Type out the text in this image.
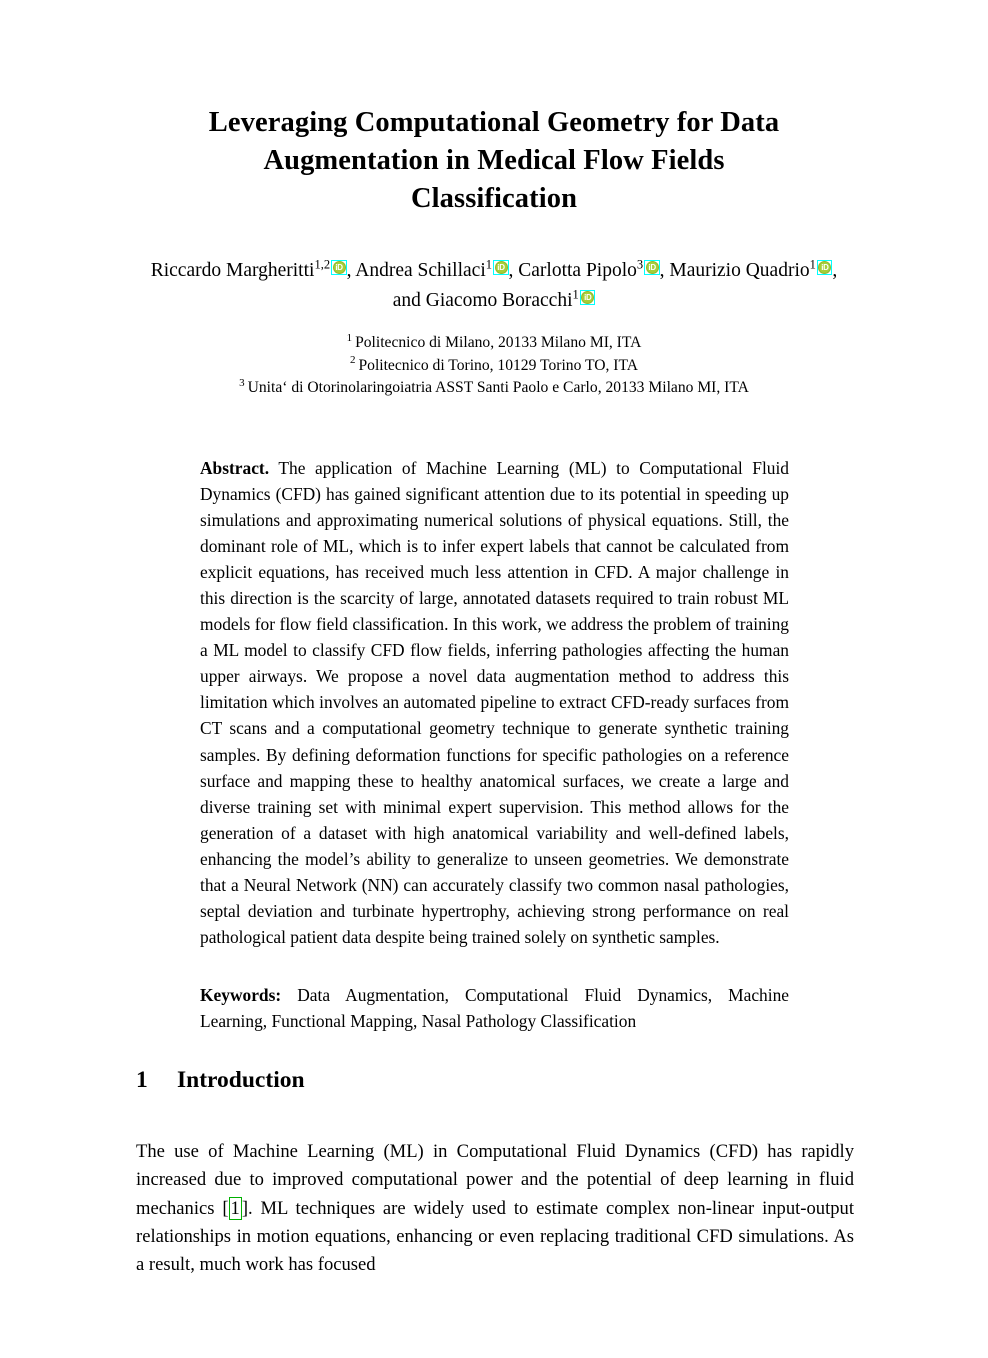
Leveraging Computational Geometry for Data
Augmentation in Medical Flow Fields
Classification
Riccardo Margheritti$^{1,2}$ iD , Andrea Schillaci$^1$ iD , Carlotta Pipolo$^3$ iD , Maurizio Quadrio$^1$ iD , and Giacomo Boracchi$^1$ iD
$^1$ Politecnico di Milano, 20133 Milano MI, ITA
$^2$ Politecnico di Torino, 10129 Torino TO, ITA
$^3$ Unita‘ di Otorinolaringoiatria ASST Santi Paolo e Carlo, 20133 Milano MI, ITA
Abstract. The application of Machine Learning (ML) to Computational Fluid Dynamics (CFD) has gained significant attention due to its potential in speeding up simulations and approximating numerical solutions of physical equations. Still, the dominant role of ML, which is to infer expert labels that cannot be calculated from explicit equations, has received much less attention in CFD. A major challenge in this direction is the scarcity of large, annotated datasets required to train robust ML models for flow field classification. In this work, we address the problem of training a ML model to classify CFD flow fields, inferring pathologies affecting the human upper airways. We propose a novel data augmentation method to address this limitation which involves an automated pipeline to extract CFD-ready surfaces from CT scans and a computational geometry technique to generate synthetic training samples. By defining deformation functions for specific pathologies on a reference surface and mapping these to healthy anatomical surfaces, we create a large and diverse training set with minimal expert supervision. This method allows for the generation of a dataset with high anatomical variability and well-defined labels, enhancing the model’s ability to generalize to unseen geometries. We demonstrate that a Neural Network (NN) can accurately classify two common nasal pathologies, septal deviation and turbinate hypertrophy, achieving strong performance on real pathological patient data despite being trained solely on synthetic samples.
Keywords: Data Augmentation, Computational Fluid Dynamics, Machine Learning, Functional Mapping, Nasal Pathology Classification
1 Introduction
The use of Machine Learning (ML) in Computational Fluid Dynamics (CFD) has rapidly increased due to improved computational power and the potential of deep learning in fluid mechanics [ 1 ]. ML techniques are widely used to estimate complex non-linear input-output relationships in motion equations, enhancing or even replacing traditional CFD simulations. As a result, much work has focused
